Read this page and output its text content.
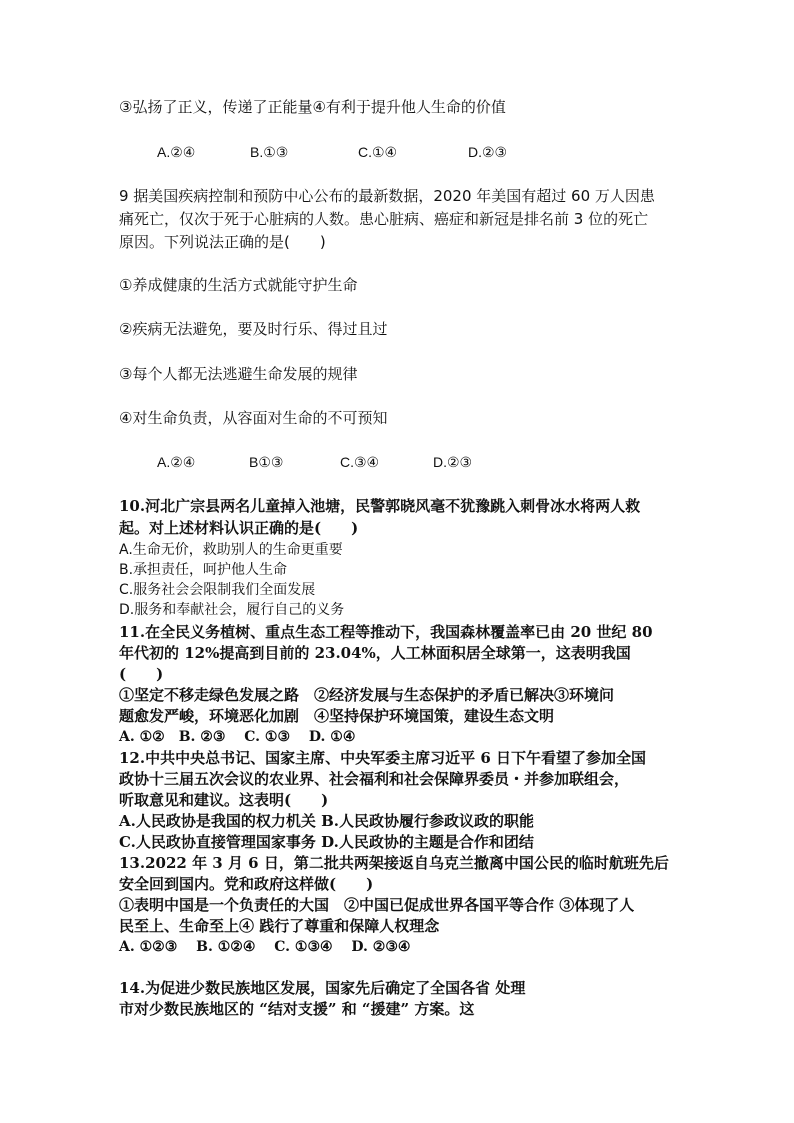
③弘扬了正义，传递了正能量④有利于提升他人生命的价值
A.②④	B.①③	C.①④	D.②③
9 据美国疾病控制和预防中心公布的最新数据，2020 年美国有超过 60 万人因患
痛死亡，仅次于死于心脏病的人数。患心脏病、癌症和新冠是排名前 3 位的死亡
原因。下列说法正确的是(　　)
①养成健康的生活方式就能守护生命
②疾病无法避免，要及时行乐、得过且过
③每个人都无法逃避生命发展的规律
④对生命负责，从容面对生命的不可预知
A.②④	B①③	C.③④	D.②③
10.河北广宗县两名儿童掉入池塘，民警郭晓风毫不犹豫跳入刺骨冰水将两人救
起。对上述材料认识正确的是(　　)
A.生命无价，救助别人的生命更重要
B.承担责任，呵护他人生命
C.服务社会会限制我们全面发展
D.服务和奉献社会，履行自己的义务
11.在全民义务植树、重点生态工程等推动下，我国森林覆盖率已由 20 世纪 80
年代初的 12%提高到目前的 23.04%，人工林面积居全球第一，这表明我国
(　　)
①坚定不移走绿色发展之路　②经济发展与生态保护的矛盾已解决③环境问
题愈发严峻，环境恶化加剧　④坚持保护环境国策，建设生态文明
A. ①②　B. ②③　 C. ①③　 D. ①④
12.中共中央总书记、国家主席、中央军委主席习近平 6 日下午看望了参加全国
政协十三届五次会议的农业界、社会福利和社会保障界委员・并参加联组会，
听取意见和建议。这表明(　　)
A.人民政协是我国的权力机关 B.人民政协履行参政议政的职能
C.人民政协直接管理国家事务 D.人民政协的主题是合作和团结
13.2022 年 3 月 6 日，第二批共两架接返自乌克兰撤离中国公民的临时航班先后
安全回到国内。党和政府这样做(　　)
①表明中国是一个负责任的大国　②中国已促成世界各国平等合作 ③体现了人
民至上、生命至上④ 践行了尊重和保障人权理念
A. ①②③　 B. ①②④　 C. ①③④　 D. ②③④
14.为促进少数民族地区发展，国家先后确定了全国各省 处理
市对少数民族地区的 “结对支援” 和 “援建” 方案。这
